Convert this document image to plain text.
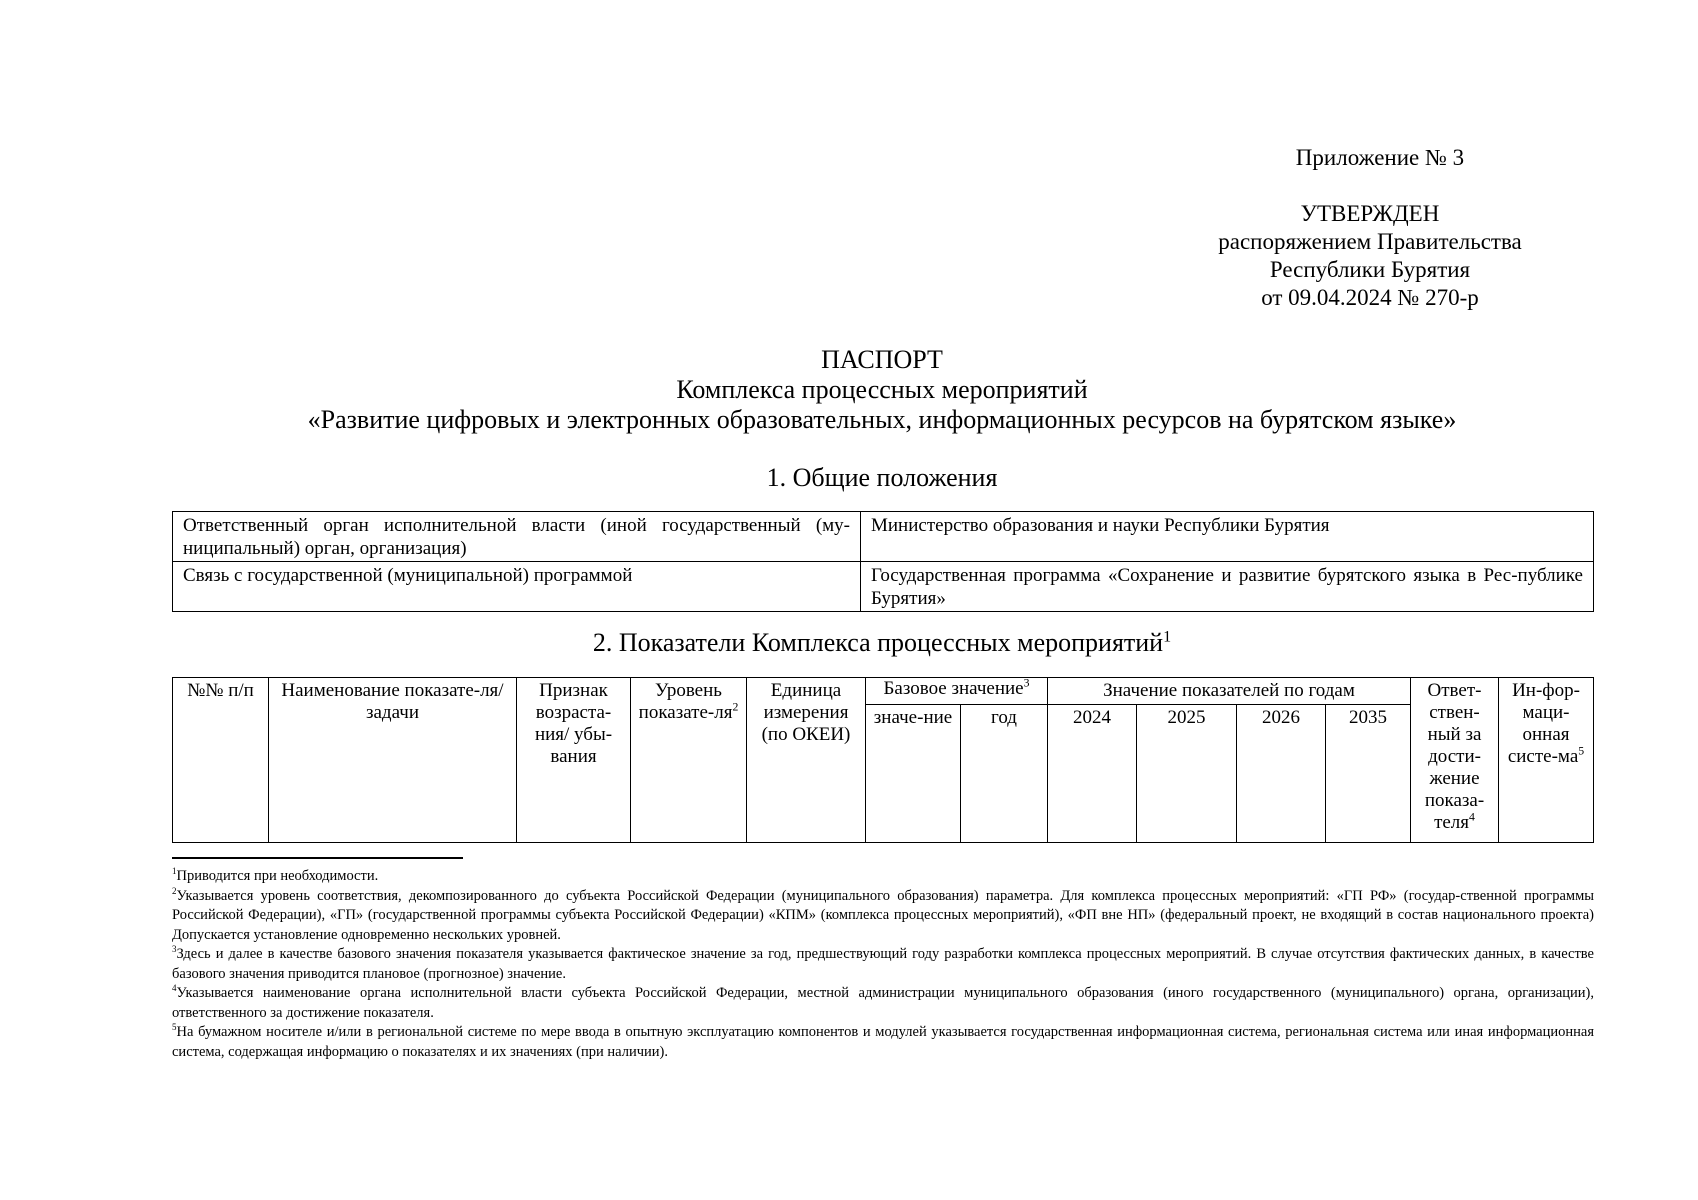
Приложение № 3
УТВЕРЖДЕН
распоряжением Правительства
Республики Бурятия
от 09.04.2024 № 270-р
ПАСПОРТ
Комплекса процессных мероприятий
«Развитие цифровых и электронных образовательных, информационных ресурсов на бурятском языке»
1. Общие положения
Ответственный орган исполнительной власти (иной государственный (му-ниципальный) орган, организация)	Министерство образования и науки Республики Бурятия
Связь с государственной (муниципальной) программой	Государственная программа «Сохранение и развитие бурятского языка в Рес-публике Бурятия»
2. Показатели Комплекса процессных мероприятий$^1$
№№ п/п	Наименование показате-ля/задачи	Признак возраста-ния/ убы-вания	Уровень показате-$ля^2$	Единица измерения (по ОКЕИ)	Базовое значение$^3$		Значение показателей по годам				Ответ-ствен-ный за дости-жение показа-теля$^4$	Ин-фор-маци-онная систе-$ма^5$
					значе-ние	год	2024	2025	2026	2035		

$^1$Приводится при необходимости.

$^2$Указывается уровень соответствия, декомпозированного до субъекта Российской Федерации (муниципального образования) параметра. Для комплекса процессных мероприятий: «ГП РФ» (государ-ственной программы Российской Федерации), «ГП» (государственной программы субъекта Российской Федерации) «КПМ» (комплекса процессных мероприятий), «ФП вне НП» (федеральный проект, не входящий в состав национального проекта) Допускается установление одновременно нескольких уровней.

$^3$Здесь и далее в качестве базового значения показателя указывается фактическое значение за год, предшествующий году разработки комплекса процессных мероприятий. В случае отсутствия фактических данных, в качестве базового значения приводится плановое (прогнозное) значение.

$^4$Указывается наименование органа исполнительной власти субъекта Российской Федерации, местной администрации муниципального образования (иного государственного (муниципального) органа, организации), ответственного за достижение показателя.

$^5$На бумажном носителе и/или в региональной системе по мере ввода в опытную эксплуатацию компонентов и модулей указывается государственная информационная система, региональная система или иная информационная система, содержащая информацию о показателях и их значениях (при наличии).
